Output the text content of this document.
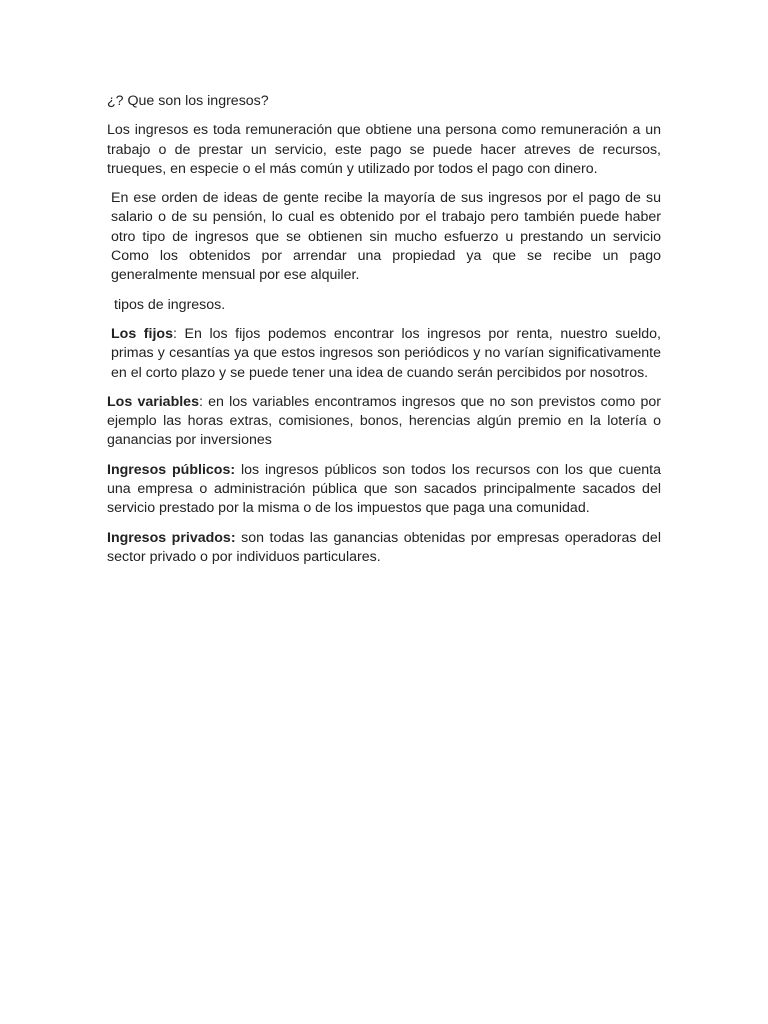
¿? Que son los ingresos?

Los ingresos es toda remuneración que obtiene una persona como remuneración a un trabajo o de prestar un servicio, este pago se puede hacer atreves de recursos, trueques, en especie o el más común y utilizado por todos el pago con dinero.

En ese orden de ideas de gente recibe la mayoría de sus ingresos por el pago de su salario o de su pensión, lo cual es obtenido por el trabajo pero también puede haber otro tipo de ingresos que se obtienen sin mucho esfuerzo u prestando un servicio Como los obtenidos por arrendar una propiedad ya que se recibe un pago generalmente mensual por ese alquiler.

tipos de ingresos.

Los fijos: En los fijos podemos encontrar los ingresos por renta, nuestro sueldo, primas y cesantías ya que estos ingresos son periódicos y no varían significativamente en el corto plazo y se puede tener una idea de cuando serán percibidos por nosotros.

Los variables: en los variables encontramos ingresos que no son previstos como por ejemplo las horas extras, comisiones, bonos, herencias algún premio en la lotería o ganancias por inversiones

Ingresos públicos: los ingresos públicos son todos los recursos con los que cuenta una empresa o administración pública que son sacados principalmente sacados del servicio prestado por la misma o de los impuestos que paga una comunidad.

Ingresos privados: son todas las ganancias obtenidas por empresas operadoras del sector privado o por individuos particulares.
